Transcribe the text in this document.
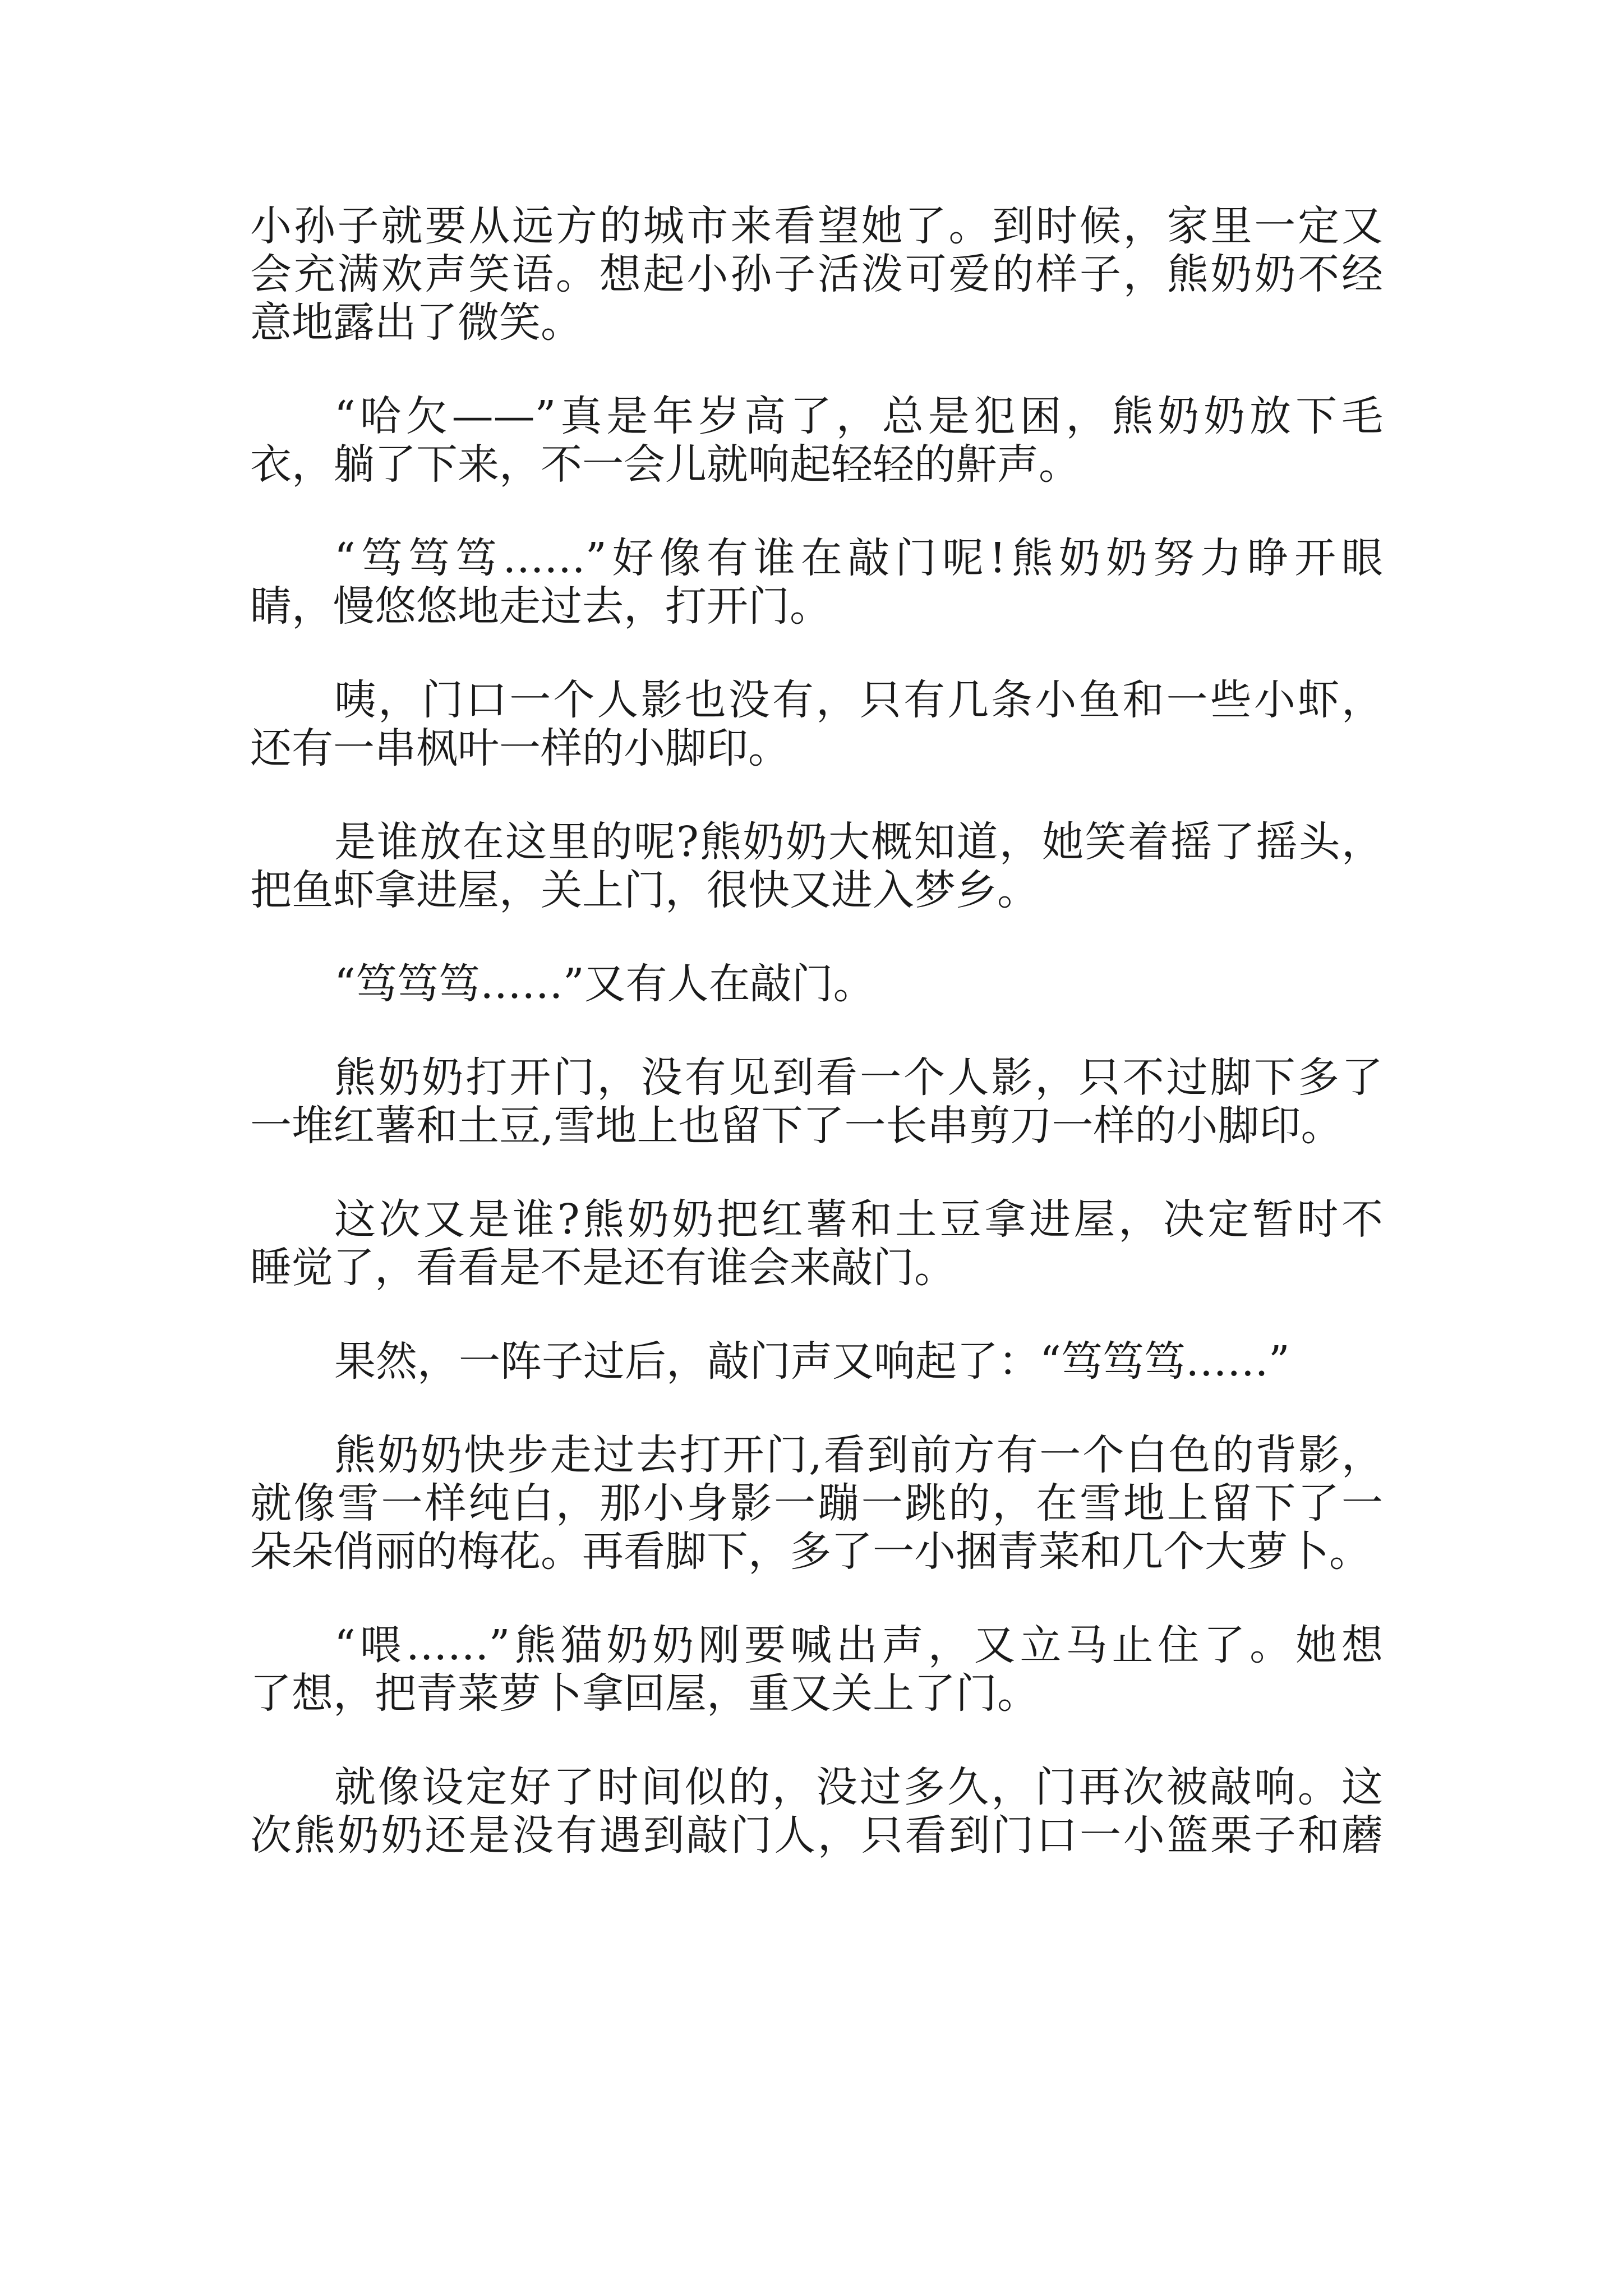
小孙子就要从远方的城市来看望她了。到时候，家里一定又

会充满欢声笑语。想起小孙子活泼可爱的样子，熊奶奶不经

意地露出了微笑。

“哈欠——”真是年岁高了，总是犯困，熊奶奶放下毛

衣，躺了下来，不一会儿就响起轻轻的鼾声。

“笃笃笃……”好像有谁在敲门呢!熊奶奶努力睁开眼

睛，慢悠悠地走过去，打开门。

咦，门口一个人影也没有，只有几条小鱼和一些小虾，

还有一串枫叶一样的小脚印。

是谁放在这里的呢?熊奶奶大概知道，她笑着摇了摇头，

把鱼虾拿进屋，关上门，很快又进入梦乡。

“笃笃笃……”又有人在敲门。

熊奶奶打开门，没有见到看一个人影，只不过脚下多了

一堆红薯和土豆,雪地上也留下了一长串剪刀一样的小脚印。

这次又是谁?熊奶奶把红薯和土豆拿进屋，决定暂时不

睡觉了，看看是不是还有谁会来敲门。

果然，一阵子过后，敲门声又响起了：“笃笃笃……”

熊奶奶快步走过去打开门,看到前方有一个白色的背影，

就像雪一样纯白，那小身影一蹦一跳的，在雪地上留下了一

朵朵俏丽的梅花。再看脚下，多了一小捆青菜和几个大萝卜。

“喂……”熊猫奶奶刚要喊出声，又立马止住了。她想

了想，把青菜萝卜拿回屋，重又关上了门。

就像设定好了时间似的，没过多久，门再次被敲响。这

次熊奶奶还是没有遇到敲门人，只看到门口一小篮栗子和蘑
